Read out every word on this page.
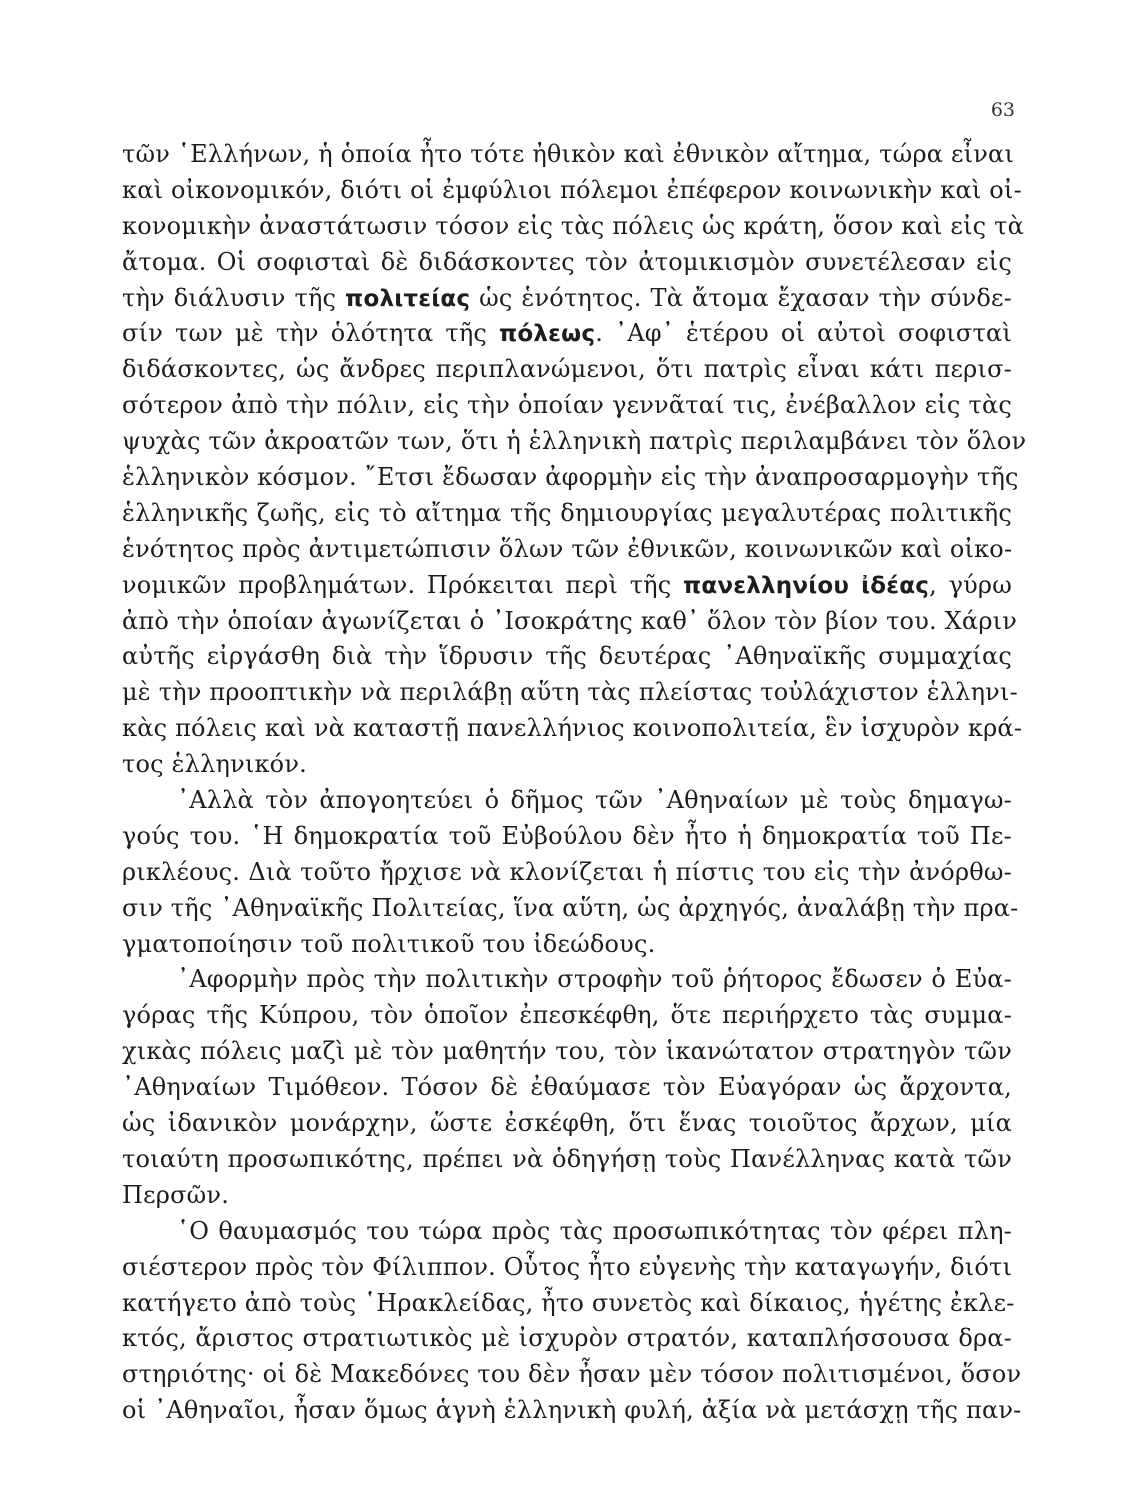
63
τῶν ῾Ελλήνων, ἡ ὁποία ἦτο τότε ἠθικὸν καὶ ἐθνικὸν αἴτημα, τώρα εἶναι
καὶ οἰκονομικόν, διότι οἱ ἐμφύλιοι πόλεμοι ἐπέφερον κοινωνικὴν καὶ οἰ-
κονομικὴν ἀναστάτωσιν τόσον εἰς τὰς πόλεις ὡς κράτη, ὅσον καὶ εἰς τὰ
ἄτομα. Οἱ σοφισταὶ δὲ διδάσκοντες τὸν ἀτομικισμὸν συνετέλεσαν εἰς
τὴν διάλυσιν τῆς πολιτείας ὡς ἑνότητος. Τὰ ἄτομα ἔχασαν τὴν σύνδε-
σίν των μὲ τὴν ὁλότητα τῆς πόλεως. ᾿Αφ᾿ ἑτέρου οἱ αὐτοὶ σοφισταὶ
διδάσκοντες, ὡς ἄνδρες περιπλανώμενοι, ὅτι πατρὶς εἶναι κάτι περισ-
σότερον ἀπὸ τὴν πόλιν, εἰς τὴν ὁποίαν γεννᾶταί τις, ἐνέβαλλον εἰς τὰς
ψυχὰς τῶν ἀκροατῶν των, ὅτι ἡ ἑλληνικὴ πατρὶς περιλαμβάνει τὸν ὅλον
ἑλληνικὸν κόσμον. ῎Ετσι ἔδωσαν ἀφορμὴν εἰς τὴν ἀναπροσαρμογὴν τῆς
ἑλληνικῆς ζωῆς, εἰς τὸ αἴτημα τῆς δημιουργίας μεγαλυτέρας πολιτικῆς
ἑνότητος πρὸς ἀντιμετώπισιν ὅλων τῶν ἐθνικῶν, κοινωνικῶν καὶ οἰκο-
νομικῶν προβλημάτων. Πρόκειται περὶ τῆς πανελληνίου ἰδέας, γύρω
ἀπὸ τὴν ὁποίαν ἀγωνίζεται ὁ ᾿Ισοκράτης καθ᾿ ὅλον τὸν βίον του. Χάριν
αὐτῆς εἰργάσθη διὰ τὴν ἵδρυσιν τῆς δευτέρας ᾿Αθηναϊκῆς συμμαχίας
μὲ τὴν προοπτικὴν νὰ περιλάβῃ αὕτη τὰς πλείστας τοὐλάχιστον ἑλληνι-
κὰς πόλεις καὶ νὰ καταστῇ πανελλήνιος κοινοπολιτεία, ἓν ἰσχυρὸν κρά-
τος ἑλληνικόν.
᾿Αλλὰ τὸν ἀπογοητεύει ὁ δῆμος τῶν ᾿Αθηναίων μὲ τοὺς δημαγω-
γούς του. ῾Η δημοκρατία τοῦ Εὐβούλου δὲν ἦτο ἡ δημοκρατία τοῦ Πε-
ρικλέους. Διὰ τοῦτο ἤρχισε νὰ κλονίζεται ἡ πίστις του εἰς τὴν ἀνόρθω-
σιν τῆς ᾿Αθηναϊκῆς Πολιτείας, ἵνα αὕτη, ὡς ἀρχηγός, ἀναλάβῃ τὴν πρα-
γματοποίησιν τοῦ πολιτικοῦ του ἰδεώδους.
᾿Αφορμὴν πρὸς τὴν πολιτικὴν στροφὴν τοῦ ῥήτορος ἔδωσεν ὁ Εὐα-
γόρας τῆς Κύπρου, τὸν ὁποῖον ἐπεσκέφθη, ὅτε περιήρχετο τὰς συμμα-
χικὰς πόλεις μαζὶ μὲ τὸν μαθητήν του, τὸν ἱκανώτατον στρατηγὸν τῶν
᾿Αθηναίων Τιμόθεον. Τόσον δὲ ἐθαύμασε τὸν Εὐαγόραν ὡς ἄρχοντα,
ὡς ἰδανικὸν μονάρχην, ὥστε ἐσκέφθη, ὅτι ἕνας τοιοῦτος ἄρχων, μία
τοιαύτη προσωπικότης, πρέπει νὰ ὁδηγήσῃ τοὺς Πανέλληνας κατὰ τῶν
Περσῶν.
῾Ο θαυμασμός του τώρα πρὸς τὰς προσωπικότητας τὸν φέρει πλη-
σιέστερον πρὸς τὸν Φίλιππον. Οὗτος ἦτο εὐγενὴς τὴν καταγωγήν, διότι
κατήγετο ἀπὸ τοὺς ῾Ηρακλείδας, ἦτο συνετὸς καὶ δίκαιος, ἡγέτης ἐκλε-
κτός, ἄριστος στρατιωτικὸς μὲ ἰσχυρὸν στρατόν, καταπλήσσουσα δρα-
στηριότης· οἱ δὲ Μακεδόνες του δὲν ἦσαν μὲν τόσον πολιτισμένοι, ὅσον
οἱ ᾿Αθηναῖοι, ἦσαν ὅμως ἁγνὴ ἑλληνικὴ φυλή, ἀξία νὰ μετάσχῃ τῆς παν-
